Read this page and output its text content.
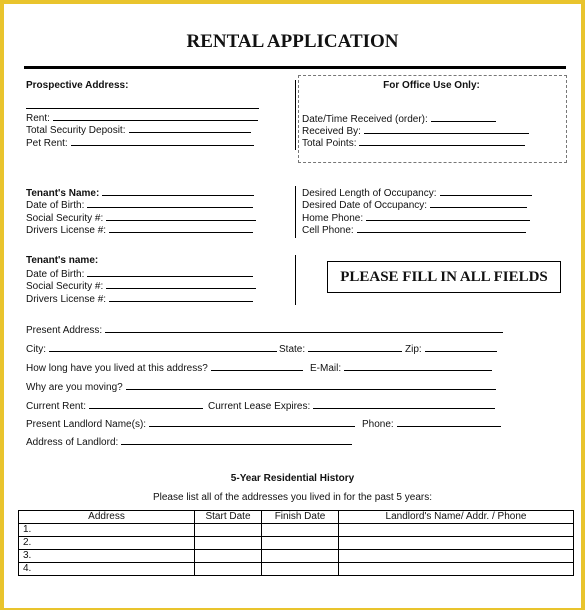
RENTAL APPLICATION
Prospective Address:
Rent:
Total Security Deposit:
Pet Rent:
For Office Use Only:
Date/Time Received (order):
Received By:
Total Points:
Tenant's Name:
Date of Birth:
Social Security #:
Drivers License #:
Desired Length of Occupancy:
Desired Date of Occupancy:
Home Phone:
Cell Phone:
Tenant's name:
Date of Birth:
Social Security #:
Drivers License #:
PLEASE FILL IN ALL FIELDS
Present Address:
City:	State:	Zip:
How long have you lived at this address?	E-Mail:
Why are you moving?
Current Rent:	Current Lease Expires:
Present Landlord Name(s):	Phone:
Address of Landlord:
5-Year Residential History
Please list all of the addresses you lived in for the past 5 years:
Address	Start Date	Finish Date	Landlord's Name/ Addr. / Phone
1.			
2.			
3.			
4.			
